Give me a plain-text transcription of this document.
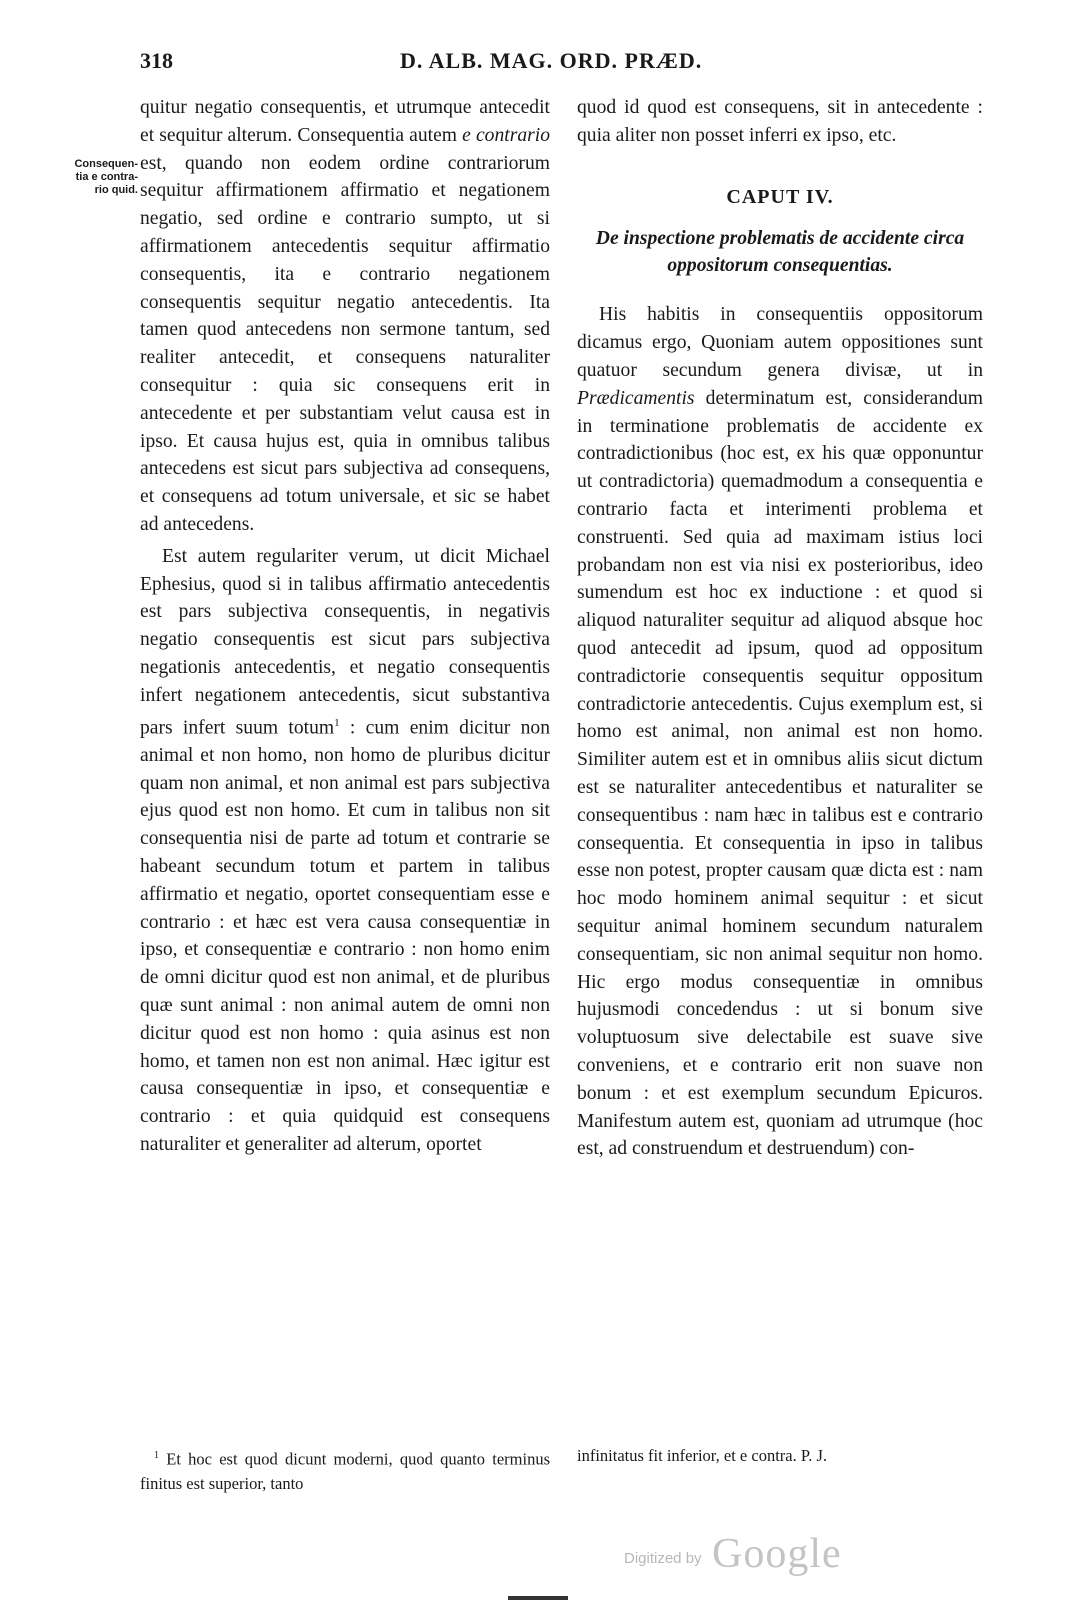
318	D. ALB. MAG. ORD. PRÆD.
Consequen-
tia e contra-
rio quid.

quitur negatio consequentis, et utrumque antecedit et sequitur alterum. Consequentia autem e contrario est, quando non eodem ordine contrariorum sequitur affirmationem affirmatio et negationem negatio, sed ordine e contrario sumpto, ut si affirmationem antecedentis sequitur affirmatio consequentis, ita e contrario negationem consequentis sequitur negatio antecedentis. Ita tamen quod antecedens non sermone tantum, sed realiter antecedit, et consequens naturaliter consequitur : quia sic consequens erit in antecedente et per substantiam velut causa est in ipso. Et causa hujus est, quia in omnibus talibus antecedens est sicut pars subjectiva ad consequens, et consequens ad totum universale, et sic se habet ad antecedens.

Est autem regulariter verum, ut dicit Michael Ephesius, quod si in talibus affirmatio antecedentis est pars subjectiva consequentis, in negativis negatio consequentis est sicut pars subjectiva negationis antecedentis, et negatio consequentis infert negationem antecedentis, sicut substantiva pars infert suum totum$^1$ : cum enim dicitur non animal et non homo, non homo de pluribus dicitur quam non animal, et non animal est pars subjectiva ejus quod est non homo. Et cum in talibus non sit consequentia nisi de parte ad totum et contrarie se habeant secundum totum et partem in talibus affirmatio et negatio, oportet consequentiam esse e contrario : et hæc est vera causa consequentiæ in ipso, et consequentiæ e contrario : non homo enim de omni dicitur quod est non animal, et de pluribus quæ sunt animal : non animal autem de omni non dicitur quod est non homo : quia asinus est non homo, et tamen non est non animal. Hæc igitur est causa consequentiæ in ipso, et consequentiæ e contrario : et quia quidquid est consequens naturaliter et generaliter ad alterum, oportet

quod id quod est consequens, sit in antecedente : quia aliter non posset inferri ex ipso, etc.

CAPUT IV.

De inspectione problematis de accidente circa oppositorum consequentias.

His habitis in consequentiis oppositorum dicamus ergo, Quoniam autem oppositiones sunt quatuor secundum genera divisæ, ut in Prædicamentis determinatum est, considerandum in terminatione problematis de accidente ex contradictionibus (hoc est, ex his quæ opponuntur ut contradictoria) quemadmodum a consequentia e contrario facta et interimenti problema et construenti. Sed quia ad maximam istius loci probandam non est via nisi ex posterioribus, ideo sumendum est hoc ex inductione : et quod si aliquod naturaliter sequitur ad aliquod absque hoc quod antecedit ad ipsum, quod ad oppositum contradictorie consequentis sequitur oppositum contradictorie antecedentis. Cujus exemplum est, si homo est animal, non animal est non homo. Similiter autem est et in omnibus aliis sicut dictum est se naturaliter antecedentibus et naturaliter se consequentibus : nam hæc in talibus est e contrario consequentia. Et consequentia in ipso in talibus esse non potest, propter causam quæ dicta est : nam hoc modo hominem animal sequitur : et sicut sequitur animal hominem secundum naturalem consequentiam, sic non animal sequitur non homo. Hic ergo modus consequentiæ in omnibus hujusmodi concedendus : ut si bonum sive voluptuosum sive delectabile est suave sive conveniens, et e contrario erit non suave non bonum : et est exemplum secundum Epicuros. Manifestum autem est, quoniam ad utrumque (hoc est, ad construendum et destruendum) con-

$^1$ Et hoc est quod dicunt moderni, quod quanto terminus finitus est superior, tanto
infinitatus fit inferior, et e contra. P. J.
Digitized by Google
